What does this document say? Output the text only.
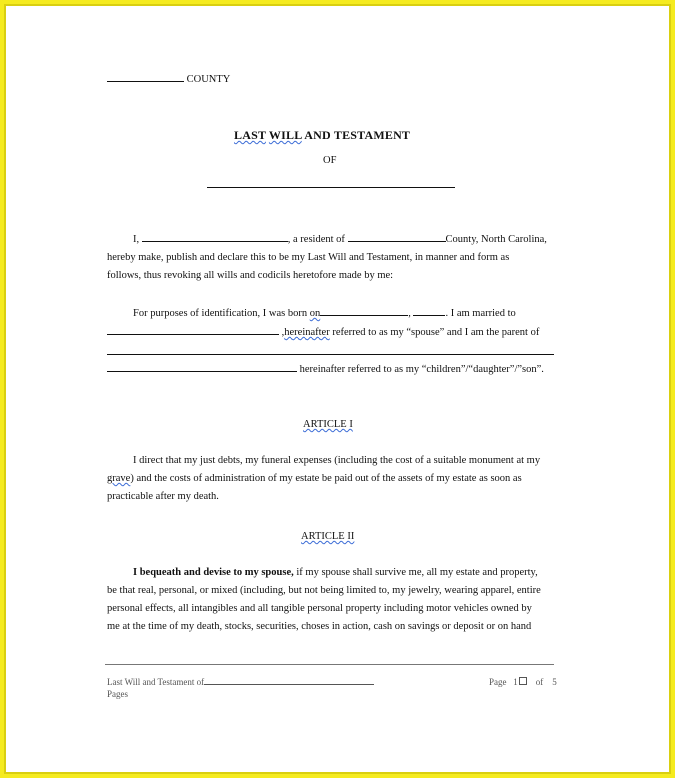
COUNTY
LAST WILL AND TESTAMENT
OF
I,	, a resident of	County, North Carolina,
hereby make, publish and declare this to be my Last Will and Testament, in manner and form as
follows, thus revoking all wills and codicils heretofore made by me:
For purposes of identification, I was born on	,	. I am married to
,hereinafter referred to as my “spouse” and I am the parent of
hereinafter referred to as my “children”/“daughter”/”son”.
ARTICLE I
I direct that my just debts, my funeral expenses (including the cost of a suitable monument at my
grave) and the costs of administration of my estate be paid out of the assets of my estate as soon as
practicable after my death.
ARTICLE II
I bequeath and devise to my spouse, if my spouse shall survive me, all my estate and property,
be that real, personal, or mixed (including, but not being limited to, my jewelry, wearing apparel, entire
personal effects, all intangibles and all tangible personal property including motor vehicles owned by
me at the time of my death, stocks, securities, choses in action, cash on savings or deposit or on hand
Last Will and Testament of
Pages
Page 1 of 5
